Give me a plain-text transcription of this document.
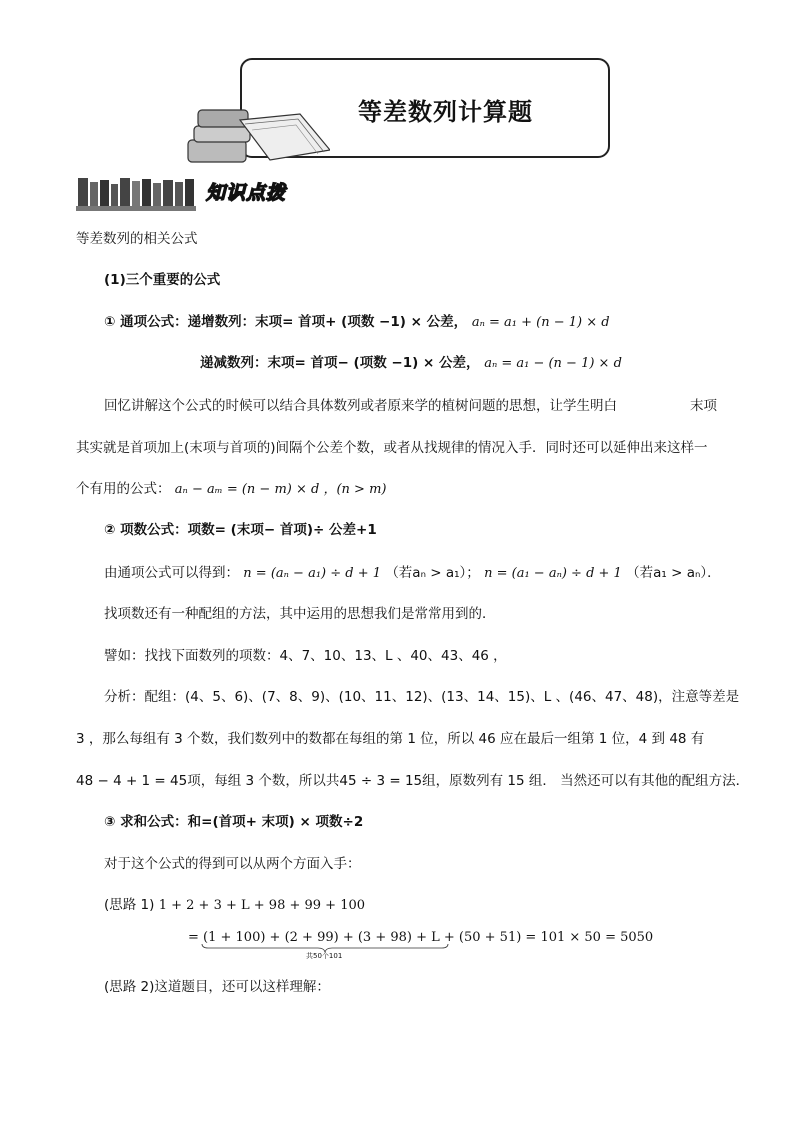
等差数列计算题
知识点拨
等差数列的相关公式
(1)三个重要的公式
① 通项公式：递增数列：末项= 首项+ (项数 −1) × 公差， aₙ = a₁ + (n − 1) × d
递减数列：末项= 首项− (项数 −1) × 公差， aₙ = a₁ − (n − 1) × d
回忆讲解这个公式的时候可以结合具体数列或者原来学的植树问题的思想，让学生明白	末项
其实就是首项加上(末项与首项的)间隔个公差个数，或者从找规律的情况入手．同时还可以延伸出来这样一
个有用的公式： aₙ − aₘ = (n − m) × d ，(n > m)
② 项数公式：项数= (末项− 首项)÷ 公差+1
由通项公式可以得到： n = (aₙ − a₁) ÷ d + 1 （若aₙ > a₁）； n = (a₁ − aₙ) ÷ d + 1 （若a₁ > aₙ）．
找项数还有一种配组的方法，其中运用的思想我们是常常用到的．
譬如：找找下面数列的项数：4、7、10、13、L 、40、43、46 ，
分析：配组：(4、5、6)、(7、8、9)、(10、11、12)、(13、14、15)、L 、(46、47、48)，注意等差是
3 ，那么每组有 3 个数，我们数列中的数都在每组的第 1 位，所以 46 应在最后一组第 1 位，4 到 48 有
48 − 4 + 1 = 45项，每组 3 个数，所以共45 ÷ 3 = 15组，原数列有 15 组． 当然还可以有其他的配组方法．
③ 求和公式：和=(首项+ 末项) × 项数÷2
对于这个公式的得到可以从两个方面入手：
(思路 1) 1 + 2 + 3 + L + 98 + 99 + 100
= (1 + 100) + (2 + 99) + (3 + 98) + L + (50 + 51) = 101 × 50 = 5050
共50个101
(思路 2)这道题目，还可以这样理解：
